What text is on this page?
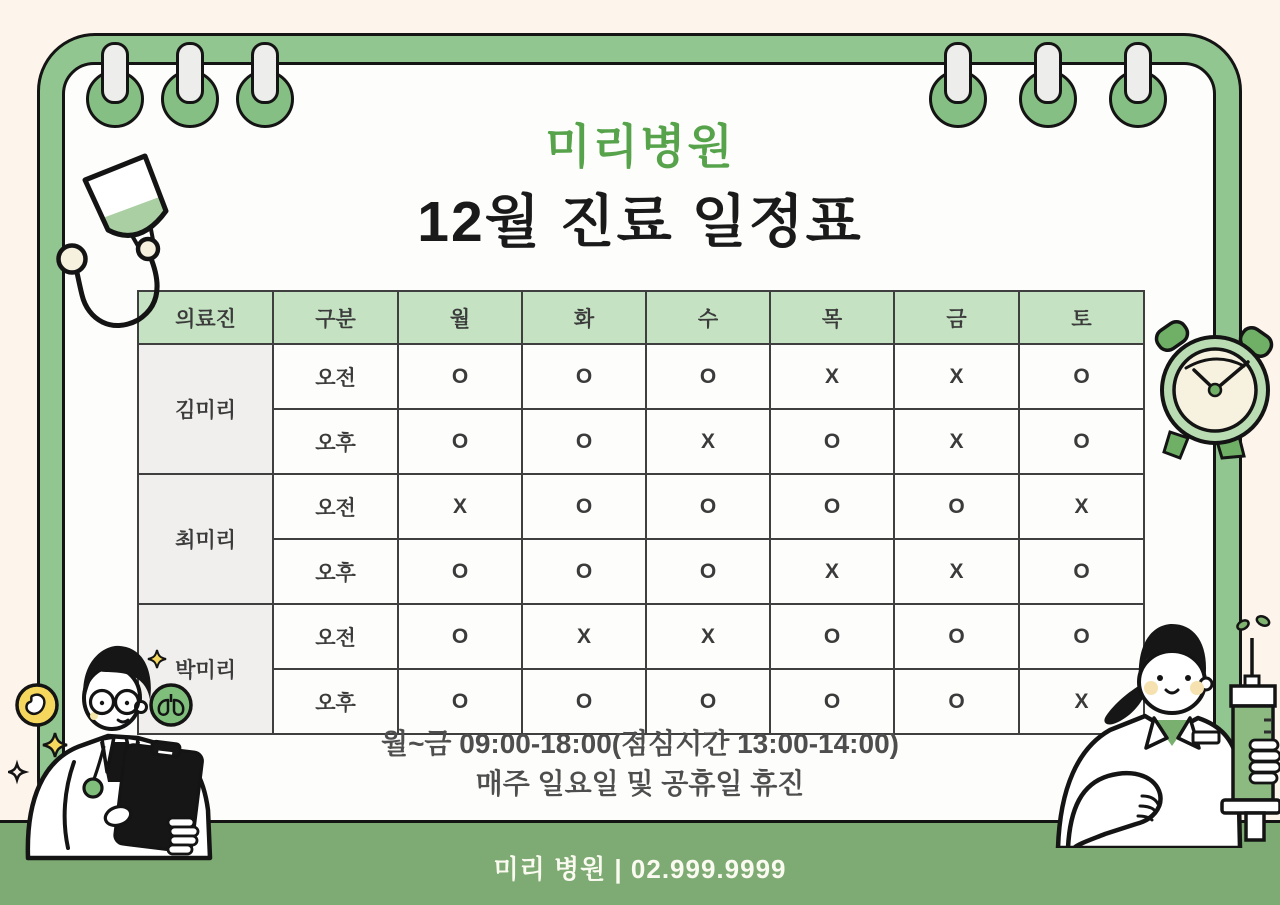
미리병원
12월 진료 일정표
의료진	구분	월	화	수	목	금	토
김미리	오전	O	O	O	X	X	O
	오후	O	O	X	O	X	O
최미리	오전	X	O	O	O	O	X
	오후	O	O	O	X	X	O
박미리	오전	O	X	X	O	O	O
	오후	O	O	O	O	O	X
월~금 09:00-18:00(점심시간 13:00-14:00)
매주 일요일 및 공휴일 휴진
미리 병원 | 02.999.9999
